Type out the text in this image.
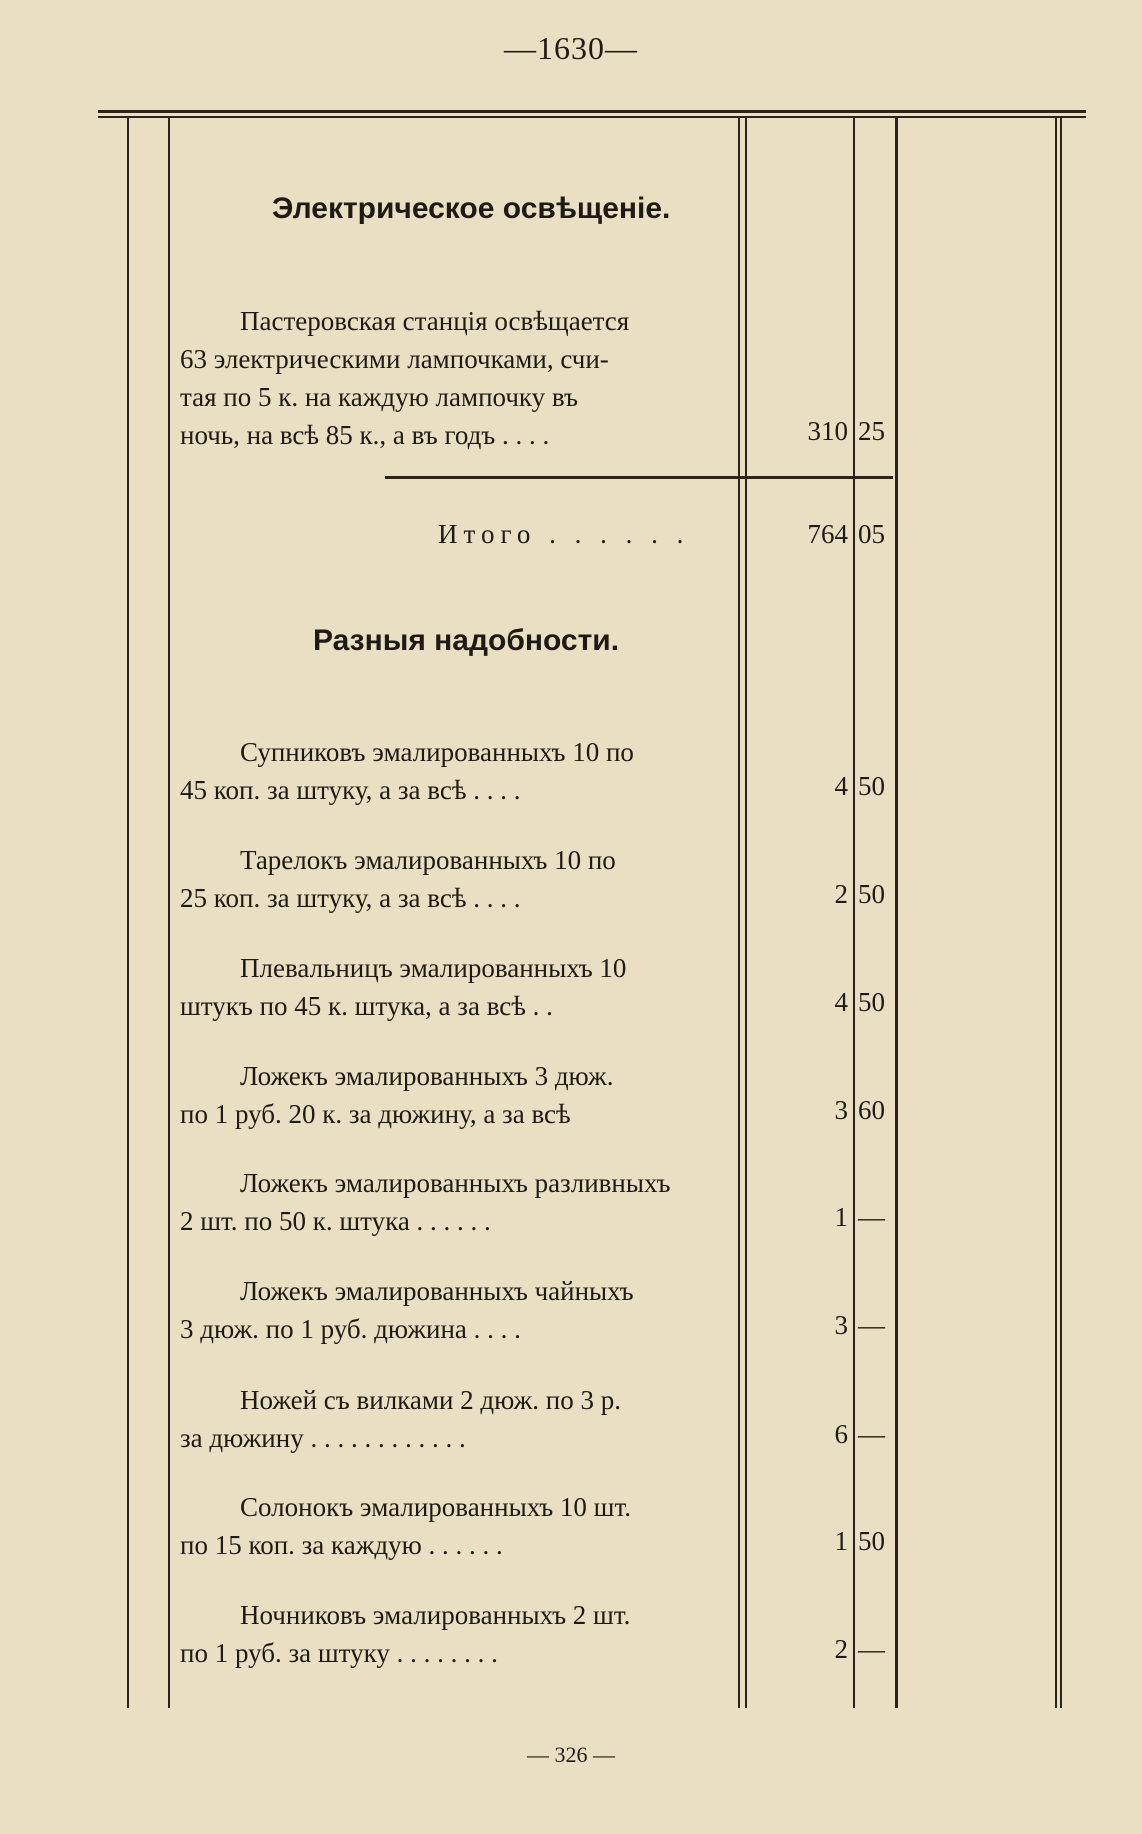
—1630—
Электрическое освѣщеніе.
Пастеровская станція освѣщается
63 электрическими лампочками, счи-
тая по 5 к. на каждую лампочку въ
ночь, на всѣ 85 к., а въ годъ . . . .	310 25
Итого . . . . . .	764 05
Разныя надобности.
Супниковъ эмалированныхъ 10 по
45 коп. за штуку, а за всѣ . . . .
Тарелокъ эмалированныхъ 10 по
25 коп. за штуку, а за всѣ . . . .
Плевальницъ эмалированныхъ 10
штукъ по 45 к. штука, а за всѣ . .
Ложекъ эмалированныхъ 3 дюж.
по 1 руб. 20 к. за дюжину, а за всѣ
Ложекъ эмалированныхъ разливныхъ
2 шт. по 50 к. штука . . . . . .
Ложекъ эмалированныхъ чайныхъ
3 дюж. по 1 руб. дюжина . . . .
Ножей съ вилками 2 дюж. по 3 р.
за дюжину . . . . . . . . . . . .
Солонокъ эмалированныхъ 10 шт.
по 15 коп. за каждую . . . . . .
Ночниковъ эмалированныхъ 2 шт.
по 1 руб. за штуку . . . . . . . .
4 50
2 50
4 50
3 60
1 —
3 —
6 —
1 50
2 —
— 326 —
